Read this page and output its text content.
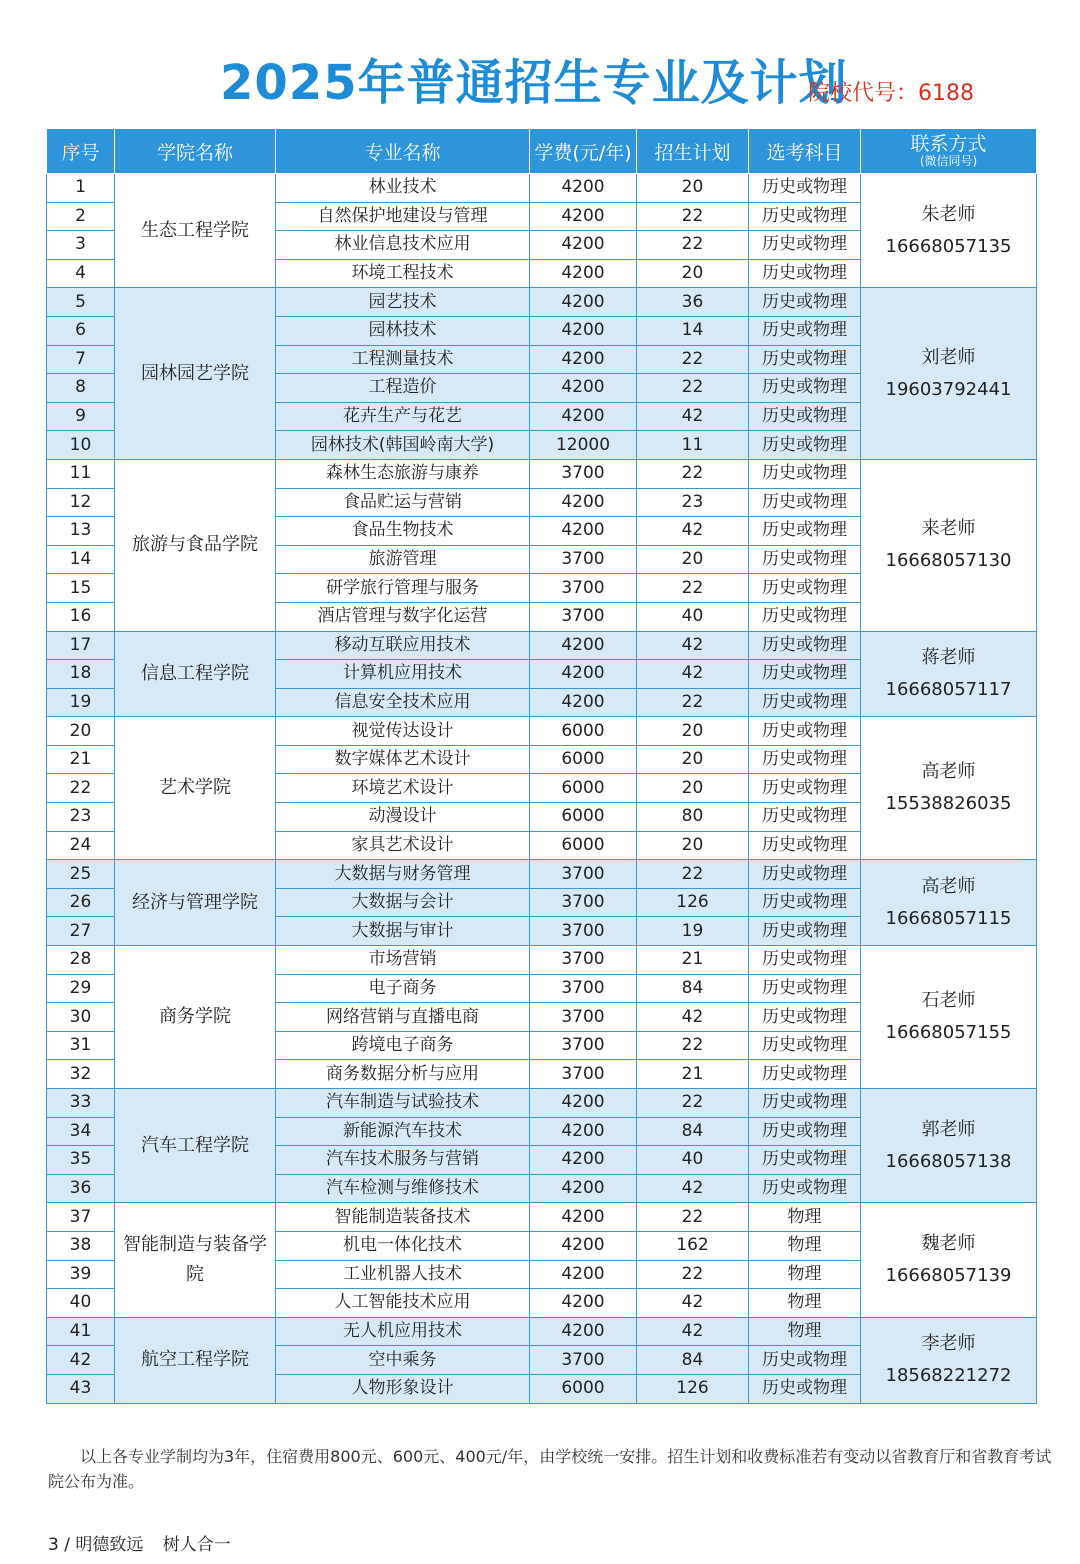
2025年普通招生专业及计划
院校代号：6188
序号	学院名称	专业名称	学费(元/年)	招生计划	选考科目	联系方式
(微信同号)

1	生态工程学院	林业技术	4200	20	历史或物理	朱老师
16668057135

2		自然保护地建设与管理	4200	22	历史或物理	
3		林业信息技术应用	4200	22	历史或物理	
4		环境工程技术	4200	20	历史或物理	
5	园林园艺学院	园艺技术	4200	36	历史或物理	刘老师
19603792441

6		园林技术	4200	14	历史或物理	
7		工程测量技术	4200	22	历史或物理	
8		工程造价	4200	22	历史或物理	
9		花卉生产与花艺	4200	42	历史或物理	
10		园林技术(韩国岭南大学)	12000	11	历史或物理	
11	旅游与食品学院	森林生态旅游与康养	3700	22	历史或物理	来老师
16668057130

12		食品贮运与营销	4200	23	历史或物理	
13		食品生物技术	4200	42	历史或物理	
14		旅游管理	3700	20	历史或物理	
15		研学旅行管理与服务	3700	22	历史或物理	
16		酒店管理与数字化运营	3700	40	历史或物理	
17	信息工程学院	移动互联应用技术	4200	42	历史或物理	蒋老师
16668057117

18		计算机应用技术	4200	42	历史或物理	
19		信息安全技术应用	4200	22	历史或物理	
20	艺术学院	视觉传达设计	6000	20	历史或物理	高老师
15538826035

21		数字媒体艺术设计	6000	20	历史或物理	
22		环境艺术设计	6000	20	历史或物理	
23		动漫设计	6000	80	历史或物理	
24		家具艺术设计	6000	20	历史或物理	
25	经济与管理学院	大数据与财务管理	3700	22	历史或物理	高老师
16668057115

26		大数据与会计	3700	126	历史或物理	
27		大数据与审计	3700	19	历史或物理	
28	商务学院	市场营销	3700	21	历史或物理	石老师
16668057155

29		电子商务	3700	84	历史或物理	
30		网络营销与直播电商	3700	42	历史或物理	
31		跨境电子商务	3700	22	历史或物理	
32		商务数据分析与应用	3700	21	历史或物理	
33	汽车工程学院	汽车制造与试验技术	4200	22	历史或物理	郭老师
16668057138

34		新能源汽车技术	4200	84	历史或物理	
35		汽车技术服务与营销	4200	40	历史或物理	
36		汽车检测与维修技术	4200	42	历史或物理	
37	智能制造与装备学院	智能制造装备技术	4200	22	物理	魏老师
16668057139

38		机电一体化技术	4200	162	物理	
39		工业机器人技术	4200	22	物理	
40		人工智能技术应用	4200	42	物理	
41	航空工程学院	无人机应用技术	4200	42	物理	李老师
18568221272

42		空中乘务	3700	84	历史或物理	
43		人物形象设计	6000	126	历史或物理	
以上各专业学制均为3年，住宿费用800元、600元、400元/年，由学校统一安排。招生计划和收费标准若有变动以省教育厅和省教育考试院公布为准。
3 / 明德致远 树人合一
